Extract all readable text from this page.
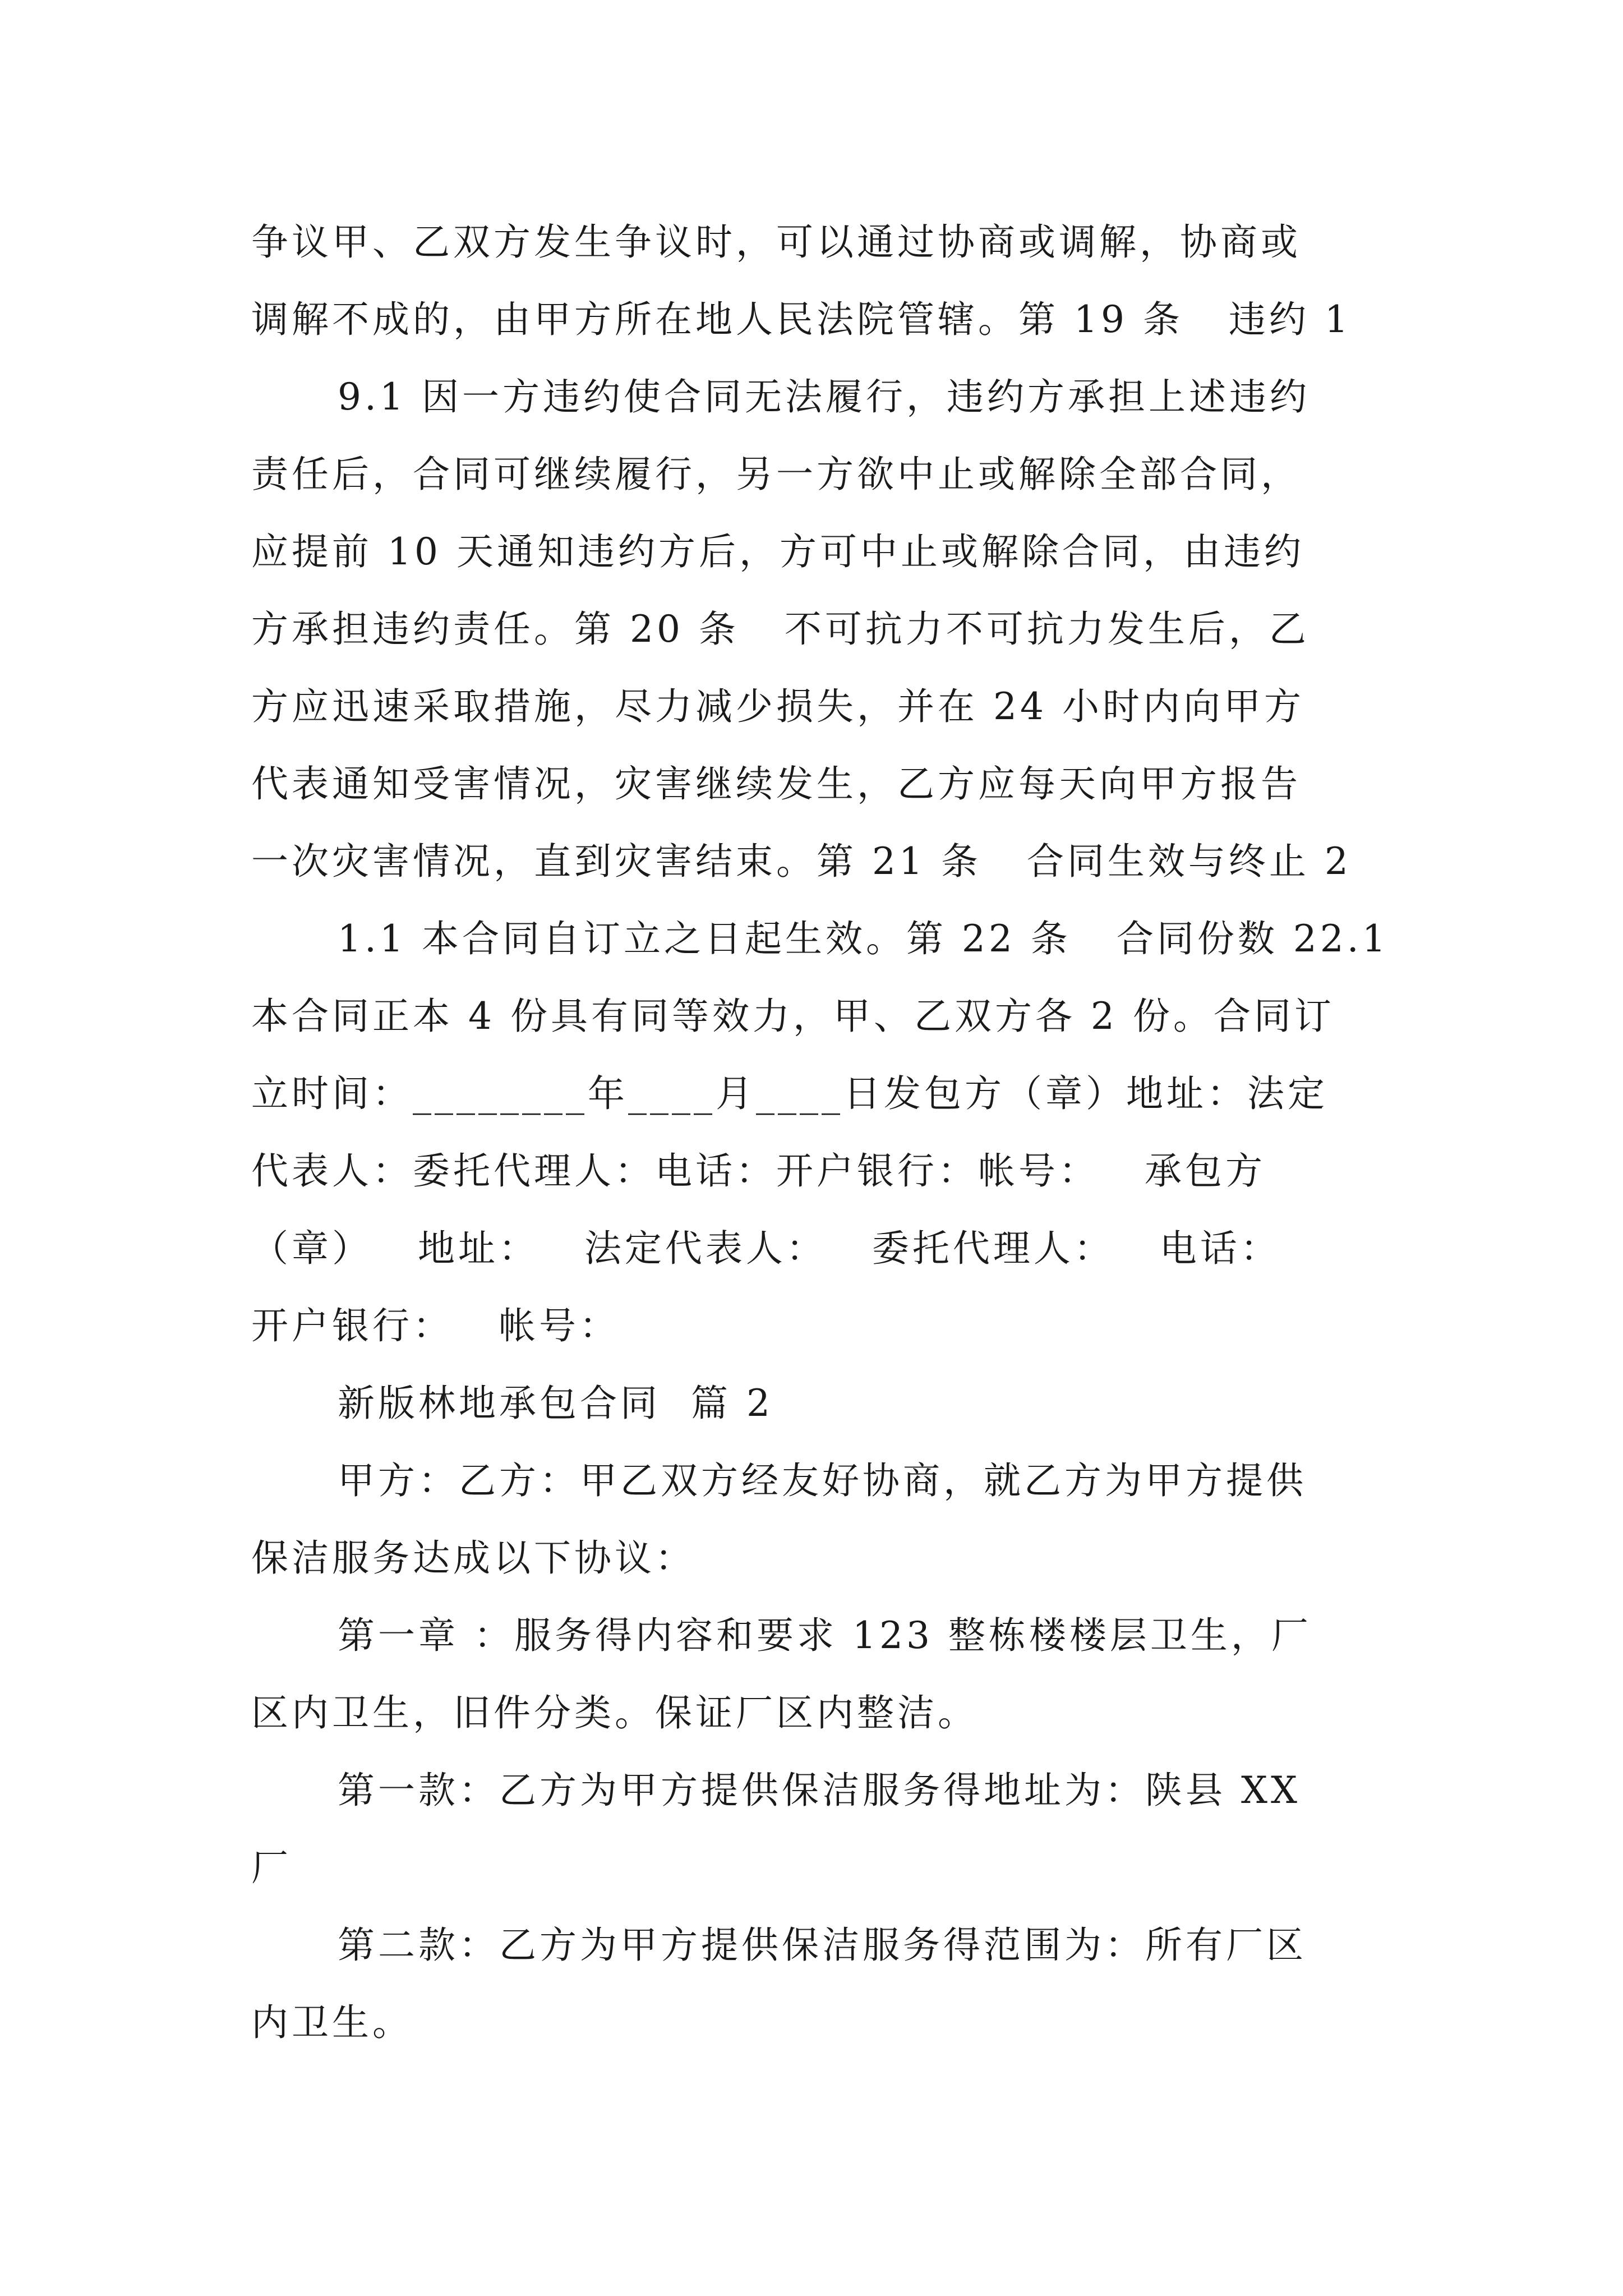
争议甲、乙双方发生争议时，可以通过协商或调解，协商或
调解不成的，由甲方所在地人民法院管辖。第 19 条   违约 1
9.1 因一方违约使合同无法履行，违约方承担上述违约
责任后，合同可继续履行，另一方欲中止或解除全部合同，
应提前 10 天通知违约方后，方可中止或解除合同，由违约
方承担违约责任。第 20 条   不可抗力不可抗力发生后，乙
方应迅速采取措施，尽力减少损失，并在 24 小时内向甲方
代表通知受害情况，灾害继续发生，乙方应每天向甲方报告
一次灾害情况，直到灾害结束。第 21 条   合同生效与终止 2
1.1 本合同自订立之日起生效。第 22 条   合同份数 22.1
本合同正本 4 份具有同等效力，甲、乙双方各 2 份。合同订
立时间：________年____月____日发包方（章）地址：法定
代表人：委托代理人：电话：开户银行：帐号：   承包方
（章）   地址：   法定代表人：   委托代理人：   电话：
开户银行：   帐号：
新版林地承包合同  篇 2
甲方：乙方：甲乙双方经友好协商，就乙方为甲方提供
保洁服务达成以下协议：
第一章 ：服务得内容和要求 123 整栋楼楼层卫生，厂
区内卫生，旧件分类。保证厂区内整洁。
第一款：乙方为甲方提供保洁服务得地址为：陕县 XX
厂
第二款：乙方为甲方提供保洁服务得范围为：所有厂区
内卫生。
